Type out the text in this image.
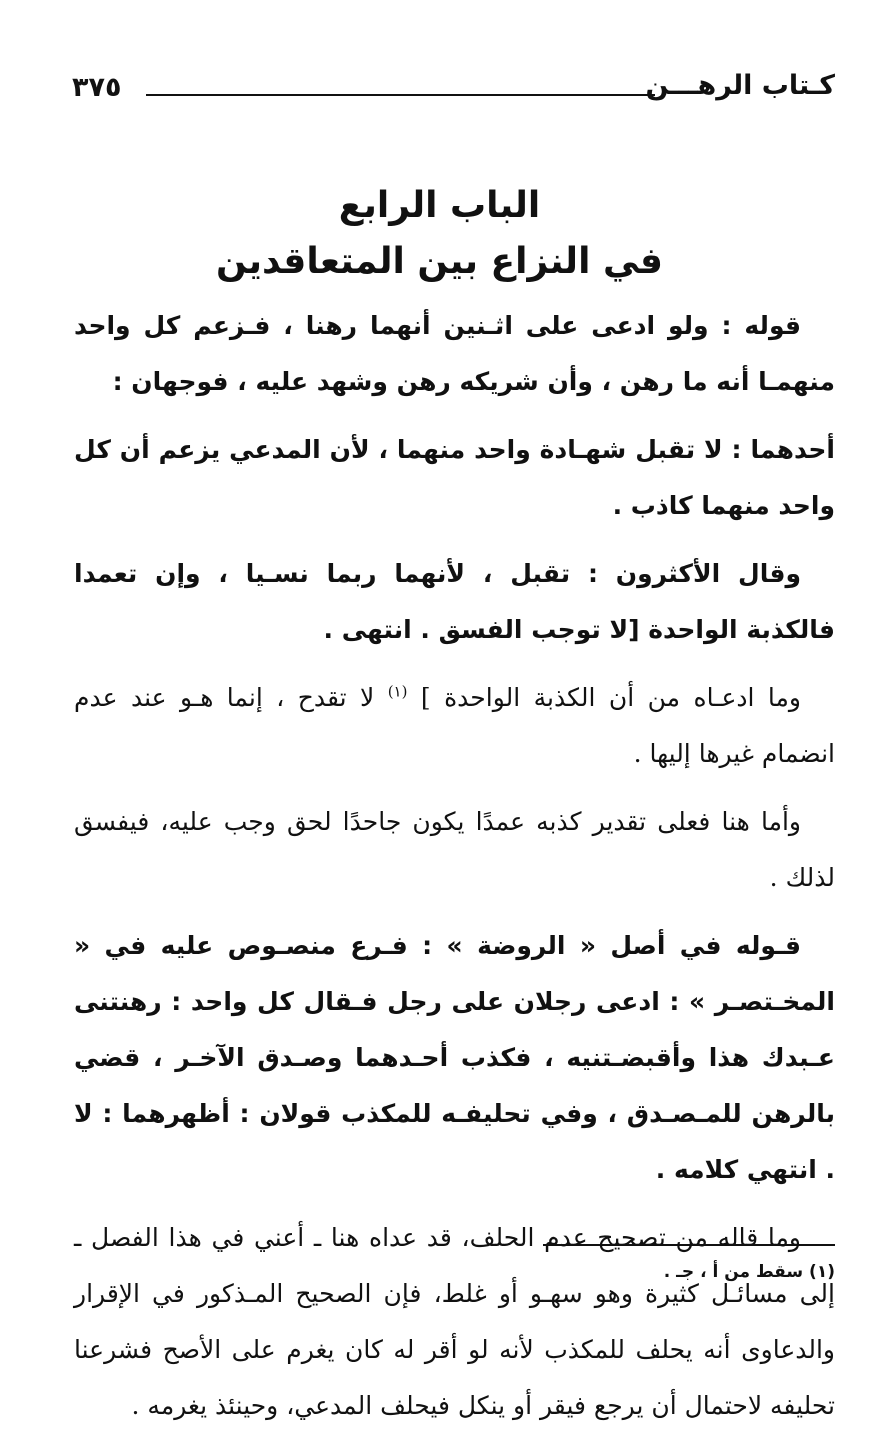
٣٧٥	كـتاب الرهـــن

الباب الرابع

في النزاع بين المتعاقدين

قوله : ولو ادعى على اثـنين أنهما رهنا ، فـزعم كل واحد منهمـا أنه ما رهن ، وأن شريكه رهن وشهد عليه ، فوجهان :

أحدهما : لا تقبل شهـادة واحد منهما ، لأن المدعي يزعم أن كل واحد منهما كاذب .

وقال الأكثرون : تقبل ، لأنهما ربما نسـيا ، وإن تعمدا فالكذبة الواحدة [لا توجب الفسق . انتهى .

وما ادعـاه من أن الكذبة الواحدة ] $^{(١)}$ لا تقدح ، إنما هـو عند عدم انضمام غيرها إليها .

وأما هنا فعلى تقدير كذبه عمدًا يكون جاحدًا لحق وجب عليه، فيفسق لذلك .

قـوله في أصل « الروضة » : فـرع منصـوص عليه في « المخـتصـر » : ادعى رجلان على رجل فـقال كل واحد : رهنتنى عـبدك هذا وأقبضـتنيه ، فكذب أحـدهما وصـدق الآخـر ، قضي بالرهن للمـصـدق ، وفي تحليفـه للمكذب قولان : أظهرهما : لا . انتهي كلامه .

وما قاله من تصحيح عدم الحلف، قد عداه هنا ـ أعني في هذا الفصل ـ إلى مسائـل كثيرة وهو سهـو أو غلط، فإن الصحيح المـذكور في الإقرار والدعاوى أنه يحلف للمكذب لأنه لو أقر له كان يغرم على الأصح فشرعنا تحليفه لاحتمال أن يرجع فيقر أو ينكل فيحلف المدعي، وحينئذ يغرمه .

(١) سقط من أ ، جـ .
